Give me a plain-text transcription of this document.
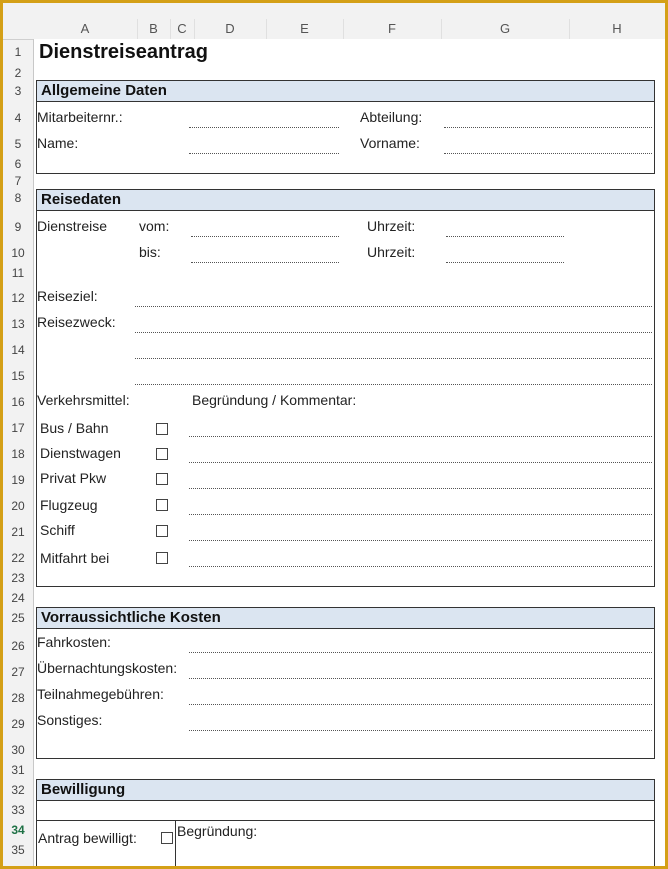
A	B	C	D	E	F	G	H
1
2
3
4
5
6
7
8
9
10
11
12
13
14
15
16
17
18
19
20
21
22
23
24
25
26
27
28
29
30
31
32
33
34
35
Dienstreiseantrag
Allgemeine Daten
Mitarbeiternr.:	Abteilung:
Name:	Vorname:
Reisedaten
Dienstreise vom:	Uhrzeit:
bis:	Uhrzeit:
Reiseziel:
Reisezweck:
Verkehrsmittel:	Begründung / Kommentar:
Bus / Bahn
Dienstwagen
Privat Pkw
Flugzeug
Schiff
Mitfahrt bei
Vorraussichtliche Kosten
Fahrkosten:
Übernachtungskosten:
Teilnahmegebühren:
Sonstiges:
Bewilligung
Antrag bewilligt:	Begründung:
